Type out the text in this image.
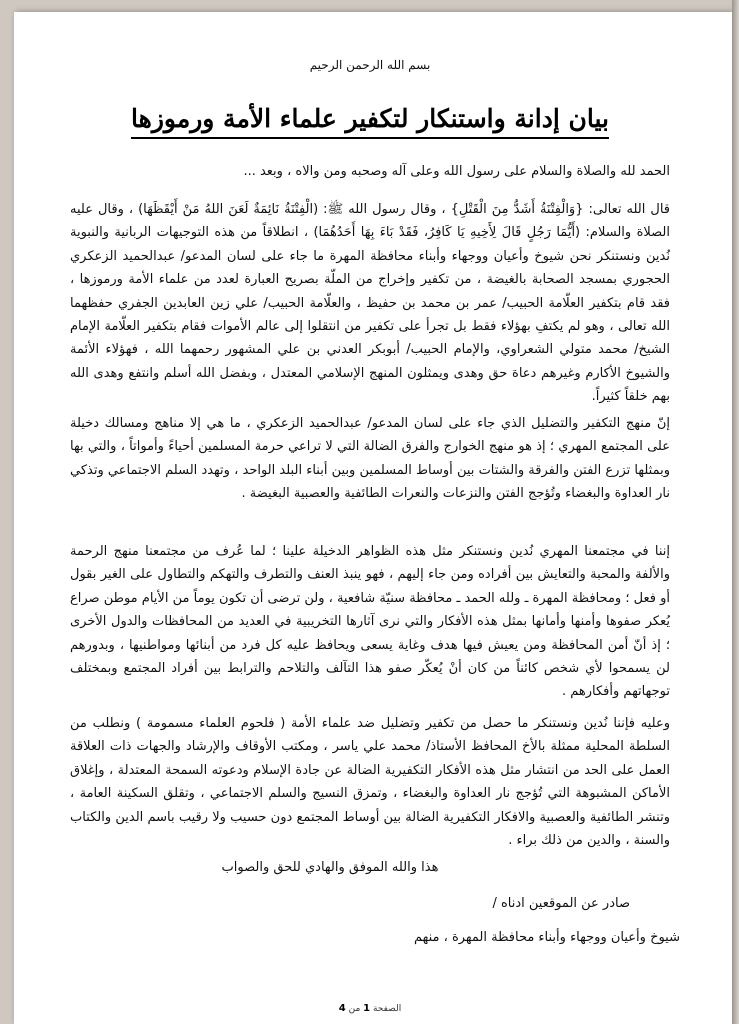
بسم الله الرحمن الرحيم
بيان إدانة واستنكار لتكفير علماء الأمة ورموزها
الحمد لله والصلاة والسلام على رسول الله وعلى آله وصحبه ومن والاه ، وبعد ...
قال الله تعالى: {وَالْفِتْنَةُ أَشَدُّ مِنَ الْقَتْلِ} ، وقال رسول الله ﷺ: (الْفِتْنَةُ نَائِمَةٌ لَعَنَ اللهُ مَنْ أَيْقَظَهَا) ، وقال عليه الصلاة والسلام: (أَيُّمَا رَجُلٍ قَالَ لِأَخِيهِ يَا كَافِرُ، فَقَدْ بَاءَ بِهَا أَحَدُهُمَا) ، انطلاقاً من هذه التوجيهات الربانية والنبوية نُدين ونستنكر نحن شيوخ وأعيان ووجهاء وأبناء محافظة المهرة ما جاء على لسان المدعو/ عبدالحميد الزعكري الحجوري بمسجد الصحابة بالغيضة ، من تكفير وإخراج من الملّة بصريح العبارة لعدد من علماء الأمة ورموزها ، فقد قام بتكفير العلّامة الحبيب/ عمر بن محمد بن حفيظ ، والعلّامة الحبيب/ علي زين العابدين الجفري حفظهما الله تعالى ، وهو لم يكتفِ بهؤلاء فقط بل تجرأ على تكفير من انتقلوا إلى عالم الأموات فقام بتكفير العلّامة الإمام الشيخ/ محمد متولي الشعراوي، والإمام الحبيب/ أبوبكر العدني بن علي المشهور رحمهما الله ، فهؤلاء الأئمة والشيوخ الأكارم وغيرهم دعاة حق وهدى ويمثلون المنهج الإسلامي المعتدل ، وبفضل الله أسلم وانتفع وهدى الله بهم خلقاً كثيراً.
إنّ منهج التكفير والتضليل الذي جاء على لسان المدعو/ عبدالحميد الزعكري ، ما هي إلا مناهج ومسالك دخيلة على المجتمع المهري ؛ إذ هو منهج الخوارج والفرق الضالة التي لا تراعي حرمة المسلمين أحياءً وأمواتاً ، والتي بها وبمثلها تزرع الفتن والفرقة والشتات بين أوساط المسلمين وبين أبناء البلد الواحد ، وتهدد السلم الاجتماعي وتذكي نار العداوة والبغضاء وتُؤجج الفتن والنزعات والنعرات الطائفية والعصبية البغيضة .
إننا في مجتمعنا المهري نُدين ونستنكر مثل هذه الظواهر الدخيلة علينا ؛ لما عُرف من مجتمعنا منهج الرحمة والألفة والمحبة والتعايش بين أفراده ومن جاء إليهم ، فهو ينبذ العنف والتطرف والتهكم والتطاول على الغير بقول أو فعل ؛ ومحافظة المهرة ـ ولله الحمد ـ محافظة سنيّة شافعية ، ولن ترضى أن تكون يوماً من الأيام موطن صراع يُعكر صفوها وأمنها وأمانها بمثل هذه الأفكار والتي نرى آثارها التخريبية في العديد من المحافظات والدول الأخرى ؛ إذ أنّ أمن المحافظة ومن يعيش فيها هدف وغاية يسعى ويحافظ عليه كل فرد من أبنائها ومواطنيها ، وبدورهم لن يسمحوا لأي شخص كائناً من كان أنْ يُعكّر صفو هذا التآلف والتلاحم والترابط بين أفراد المجتمع وبمختلف توجهاتهم وأفكارهم .
وعليه فإننا نُدين ونستنكر ما حصل من تكفير وتضليل ضد علماء الأمة ( فلحوم العلماء مسمومة ) ونطلب من السلطة المحلية ممثلة بالأخ المحافظ الأستاذ/ محمد علي ياسر ، ومكتب الأوقاف والإرشاد والجهات ذات العلاقة العمل على الحد من انتشار مثل هذه الأفكار التكفيرية الضالة عن جادة الإسلام ودعوته السمحة المعتدلة ، وإغلاق الأماكن المشبوهة التي تُؤجج نار العداوة والبغضاء ، وتمزق النسيج والسلم الاجتماعي ، وتقلق السكينة العامة ، وتنشر الطائفية والعصبية والافكار التكفيرية الضالة بين أوساط المجتمع دون حسيب ولا رقيب باسم الدين والكتاب والسنة ، والدين من ذلك براء .
هذا والله الموفق والهادي للحق والصواب
صادر عن الموقعين ادناه /
شيوخ وأعيان ووجهاء وأبناء محافظة المهرة ، منهم
الصفحة 1 من 4
